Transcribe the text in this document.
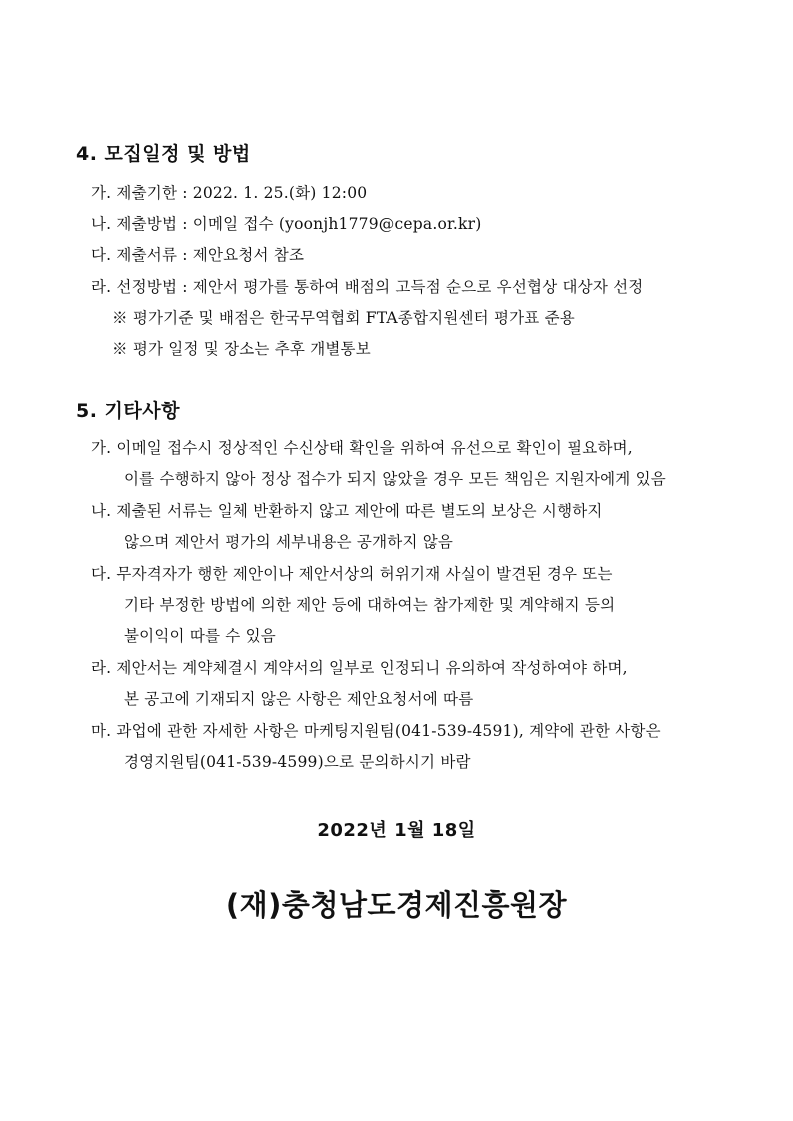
4. 모집일정 및 방법
가. 제출기한 : 2022. 1. 25.(화) 12:00
나. 제출방법 : 이메일 접수 (yoonjh1779@cepa.or.kr)
다. 제출서류 : 제안요청서 참조
라. 선정방법 : 제안서 평가를 통하여 배점의 고득점 순으로 우선협상 대상자 선정
※ 평가기준 및 배점은 한국무역협회 FTA종합지원센터 평가표 준용
※ 평가 일정 및 장소는 추후 개별통보
5. 기타사항
가. 이메일 접수시 정상적인 수신상태 확인을 위하여 유선으로 확인이 필요하며,
이를 수행하지 않아 정상 접수가 되지 않았을 경우 모든 책임은 지원자에게 있음
나. 제출된 서류는 일체 반환하지 않고 제안에 따른 별도의 보상은 시행하지
않으며 제안서 평가의 세부내용은 공개하지 않음
다. 무자격자가 행한 제안이나 제안서상의 허위기재 사실이 발견된 경우 또는
기타 부정한 방법에 의한 제안 등에 대하여는 참가제한 및 계약해지 등의
불이익이 따를 수 있음
라. 제안서는 계약체결시 계약서의 일부로 인정되니 유의하여 작성하여야 하며,
본 공고에 기재되지 않은 사항은 제안요청서에 따름
마. 과업에 관한 자세한 사항은 마케팅지원팀(041-539-4591), 계약에 관한 사항은
경영지원팀(041-539-4599)으로 문의하시기 바람
2022년 1월 18일
(재)충청남도경제진흥원장
